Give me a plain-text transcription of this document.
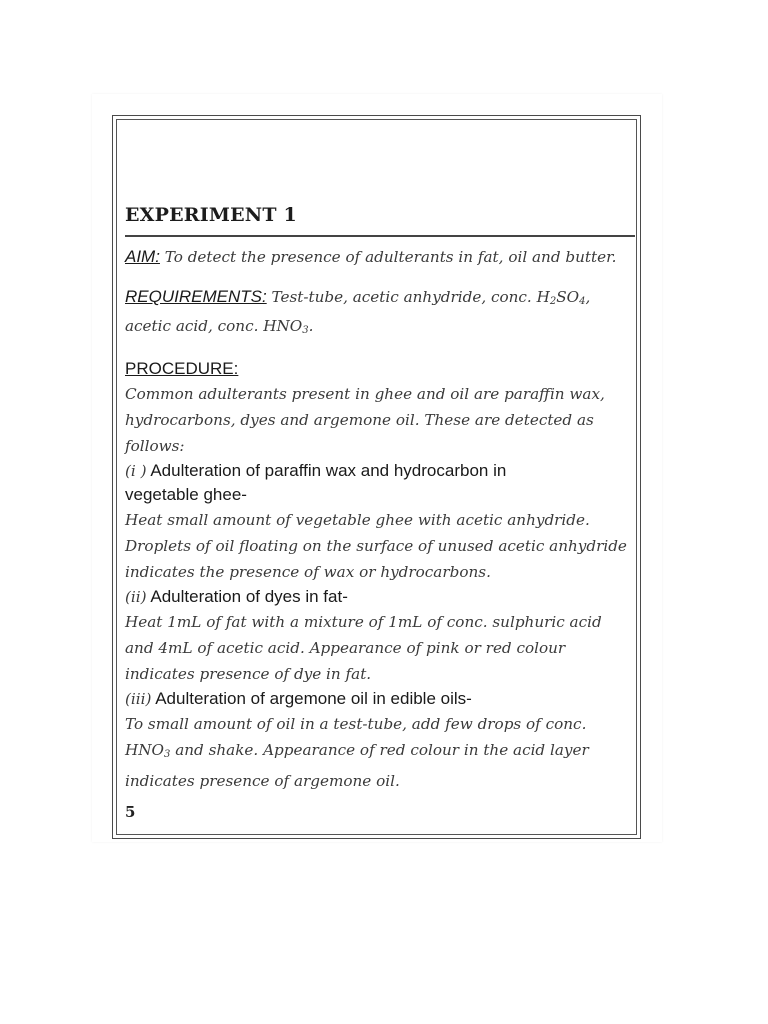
EXPERIMENT 1
AIM: To detect the presence of adulterants in fat, oil and butter.
REQUIREMENTS: Test-tube, acetic anhydride, conc. $H_2SO_4$,
acetic acid, conc. $HNO_3$.
PROCEDURE:
Common adulterants present in ghee and oil are paraffin wax,
hydrocarbons, dyes and argemone oil. These are detected as
follows:
(i ) Adulteration of paraffin wax and hydrocarbon in
vegetable ghee-
Heat small amount of vegetable ghee with acetic anhydride.
Droplets of oil floating on the surface of unused acetic anhydride
indicates the presence of wax or hydrocarbons.
(ii) Adulteration of dyes in fat-
Heat 1mL of fat with a mixture of 1mL of conc. sulphuric acid
and 4mL of acetic acid. Appearance of pink or red colour
indicates presence of dye in fat.
(iii) Adulteration of argemone oil in edible oils-
To small amount of oil in a test-tube, add few drops of conc.
$HNO_3$ and shake. Appearance of red colour in the acid layer
indicates presence of argemone oil.
5
